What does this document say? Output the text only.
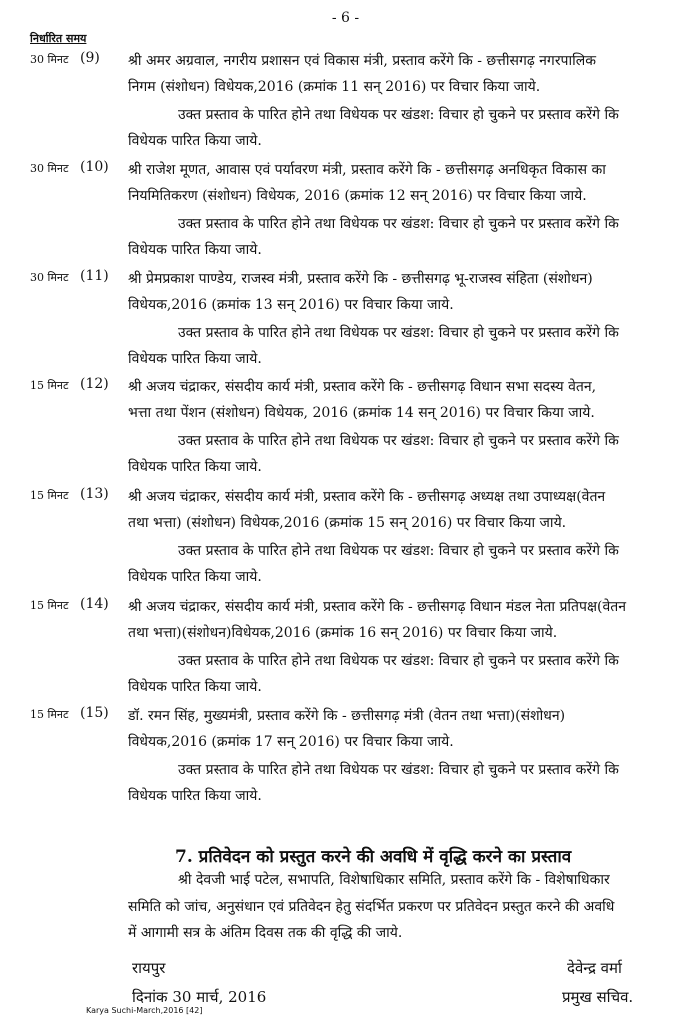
- 6 -
निर्धारित समय
30 मिनट (9) श्री अमर अग्रवाल, नगरीय प्रशासन एवं विकास मंत्री, प्रस्ताव करेंगे कि - छत्तीसगढ़ नगरपालिक
निगम (संशोधन) विधेयक,2016 (क्रमांक 11 सन् 2016) पर विचार किया जाये.
उक्त प्रस्ताव के पारित होने तथा विधेयक पर खंडश: विचार हो चुकने पर प्रस्ताव करेंगे कि
विधेयक पारित किया जाये.
30 मिनट (10) श्री राजेश मूणत, आवास एवं पर्यावरण मंत्री, प्रस्ताव करेंगे कि - छत्तीसगढ़ अनधिकृत विकास का
नियमितिकरण (संशोधन) विधेयक, 2016 (क्रमांक 12 सन् 2016) पर विचार किया जाये.
उक्त प्रस्ताव के पारित होने तथा विधेयक पर खंडश: विचार हो चुकने पर प्रस्ताव करेंगे कि
विधेयक पारित किया जाये.
30 मिनट (11) श्री प्रेमप्रकाश पाण्डेय, राजस्व मंत्री, प्रस्ताव करेंगे कि - छत्तीसगढ़ भू-राजस्व संहिता (संशोधन)
विधेयक,2016 (क्रमांक 13 सन् 2016) पर विचार किया जाये.
उक्त प्रस्ताव के पारित होने तथा विधेयक पर खंडश: विचार हो चुकने पर प्रस्ताव करेंगे कि
विधेयक पारित किया जाये.
15 मिनट (12) श्री अजय चंद्राकर, संसदीय कार्य मंत्री, प्रस्ताव करेंगे कि - छत्तीसगढ़ विधान सभा सदस्य वेतन,
भत्ता तथा पेंशन (संशोधन) विधेयक, 2016 (क्रमांक 14 सन् 2016) पर विचार किया जाये.
उक्त प्रस्ताव के पारित होने तथा विधेयक पर खंडश: विचार हो चुकने पर प्रस्ताव करेंगे कि
विधेयक पारित किया जाये.
15 मिनट (13) श्री अजय चंद्राकर, संसदीय कार्य मंत्री, प्रस्ताव करेंगे कि - छत्तीसगढ़ अध्यक्ष तथा उपाध्यक्ष(वेतन
तथा भत्ता) (संशोधन) विधेयक,2016 (क्रमांक 15 सन् 2016) पर विचार किया जाये.
उक्त प्रस्ताव के पारित होने तथा विधेयक पर खंडश: विचार हो चुकने पर प्रस्ताव करेंगे कि
विधेयक पारित किया जाये.
15 मिनट (14) श्री अजय चंद्राकर, संसदीय कार्य मंत्री, प्रस्ताव करेंगे कि - छत्तीसगढ़ विधान मंडल नेता प्रतिपक्ष(वेतन
तथा भत्ता)(संशोधन)विधेयक,2016 (क्रमांक 16 सन् 2016) पर विचार किया जाये.
उक्त प्रस्ताव के पारित होने तथा विधेयक पर खंडश: विचार हो चुकने पर प्रस्ताव करेंगे कि
विधेयक पारित किया जाये.
15 मिनट (15) डॉ. रमन सिंह, मुख्यमंत्री, प्रस्ताव करेंगे कि - छत्तीसगढ़ मंत्री (वेतन तथा भत्ता)(संशोधन)
विधेयक,2016 (क्रमांक 17 सन् 2016) पर विचार किया जाये.
उक्त प्रस्ताव के पारित होने तथा विधेयक पर खंडश: विचार हो चुकने पर प्रस्ताव करेंगे कि
विधेयक पारित किया जाये.
7. प्रतिवेदन को प्रस्तुत करने की अवधि में वृद्धि करने का प्रस्ताव
श्री देवजी भाई पटेल, सभापति, विशेषाधिकार समिति, प्रस्ताव करेंगे कि - विशेषाधिकार
समिति को जांच, अनुसंधान एवं प्रतिवेदन हेतु संदर्भित प्रकरण पर प्रतिवेदन प्रस्तुत करने की अवधि
में आगामी सत्र के अंतिम दिवस तक की वृद्धि की जाये.
रायपुर
दिनांक 30 मार्च, 2016
देवेन्द्र वर्मा
प्रमुख सचिव.
Karya Suchi-March,2016 [42]
